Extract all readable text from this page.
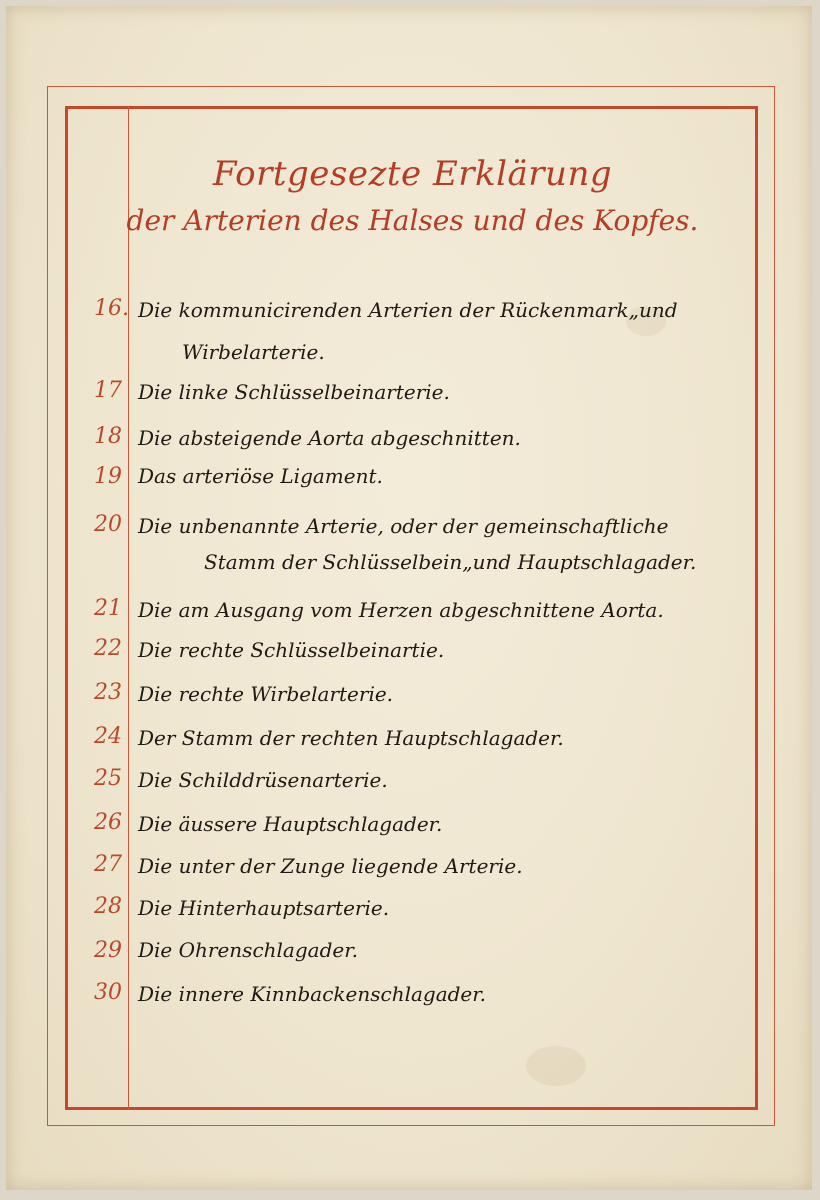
Fortgesezte Erklärung
der Arterien des Halses und des Kopfes.
16. Die kommunicirenden Arterien der Rückenmark„und
Wirbelarterie.
17 Die linke Schlüsselbeinarterie.
18 Die absteigende Aorta abgeschnitten.
19 Das arteriöse Ligament.
20 Die unbenannte Arterie, oder der gemeinschaftliche
Stamm der Schlüsselbein„und Hauptschlagader.
21 Die am Ausgang vom Herzen abgeschnittene Aorta.
22 Die rechte Schlüsselbeinartie.
23 Die rechte Wirbelarterie.
24 Der Stamm der rechten Hauptschlagader.
25 Die Schilddrüsenarterie.
26 Die äussere Hauptschlagader.
27 Die unter der Zunge liegende Arterie.
28 Die Hinterhauptsarterie.
29 Die Ohrenschlagader.
30 Die innere Kinnbackenschlagader.
